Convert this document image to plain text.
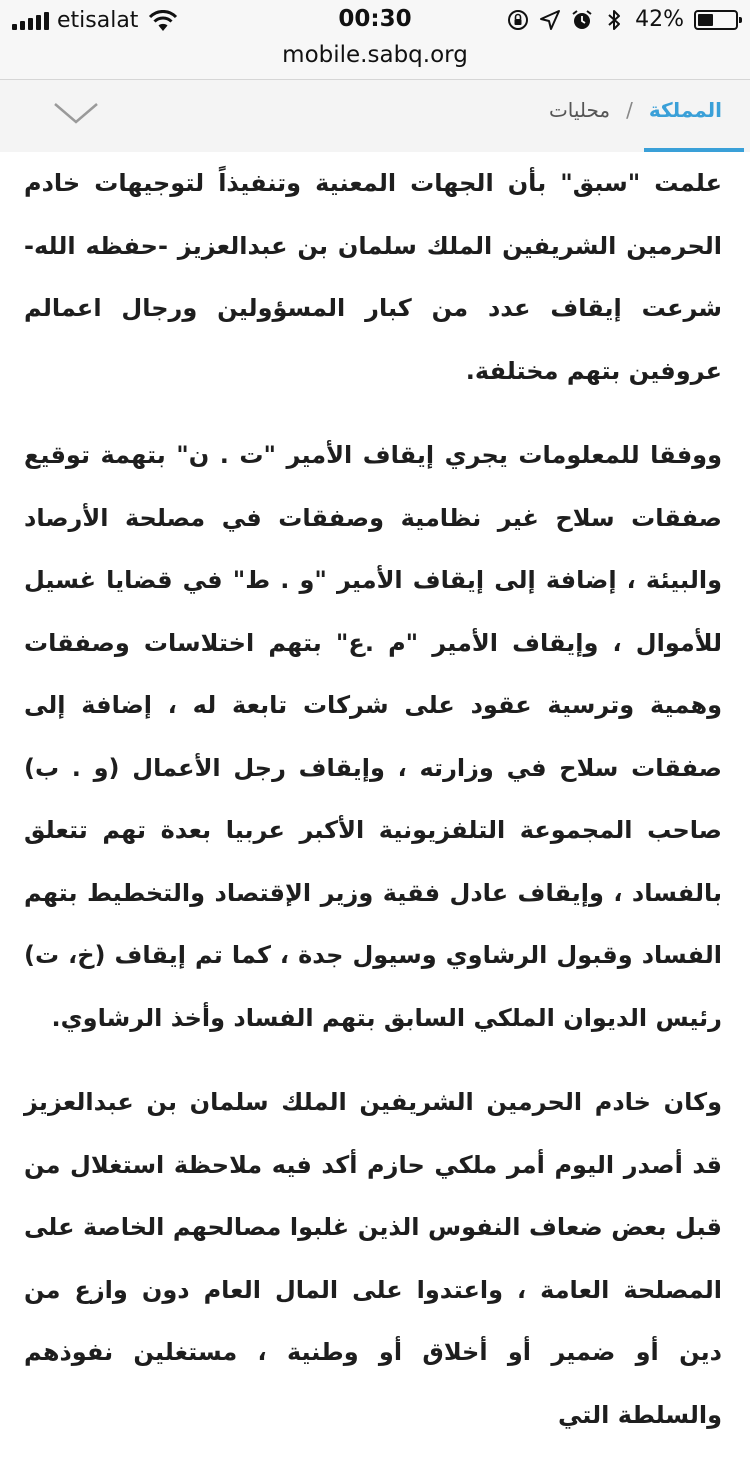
etisalat	00:30	42%
mobile.sabq.org
المملكة
/
محليات

علمت "سبق" بأن الجهات المعنية وتنفيذاً لتوجيهات خادم الحرمين الشريفين الملك سلمان بن عبدالعزيز -حفظه الله- شرعت إيقاف عدد من كبار المسؤولين ورجال اعمالم عروفين بتهم مختلفة.

ووفقا للمعلومات يجري إيقاف الأمير "ت . ن" بتهمة توقيع صفقات سلاح غير نظامية وصفقات في مصلحة الأرصاد والبيئة ، إضافة إلى إيقاف الأمير "و . ط" في قضايا غسيل للأموال ، وإيقاف الأمير "م .ع" بتهم اختلاسات وصفقات وهمية وترسية عقود على شركات تابعة له ، إضافة إلى صفقات سلاح في وزارته ، وإيقاف رجل الأعمال (و . ب) صاحب المجموعة التلفزيونية الأكبر عربيا بعدة تهم تتعلق بالفساد ، وإيقاف عادل فقية وزير الإقتصاد والتخطيط بتهم الفساد وقبول الرشاوي وسيول جدة ، كما تم إيقاف (خ، ت) رئيس الديوان الملكي السابق بتهم الفساد وأخذ الرشاوي.

وكان خادم الحرمين الشريفين الملك سلمان بن عبدالعزيز قد أصدر اليوم أمر ملكي حازم أكد فيه ملاحظة استغلال من قبل بعض ضعاف النفوس الذين غلبوا مصالحهم الخاصة على المصلحة العامة ، واعتدوا على المال العام دون وازع من دين أو ضمير أو أخلاق أو وطنية ، مستغلين نفوذهم والسلطة التي
